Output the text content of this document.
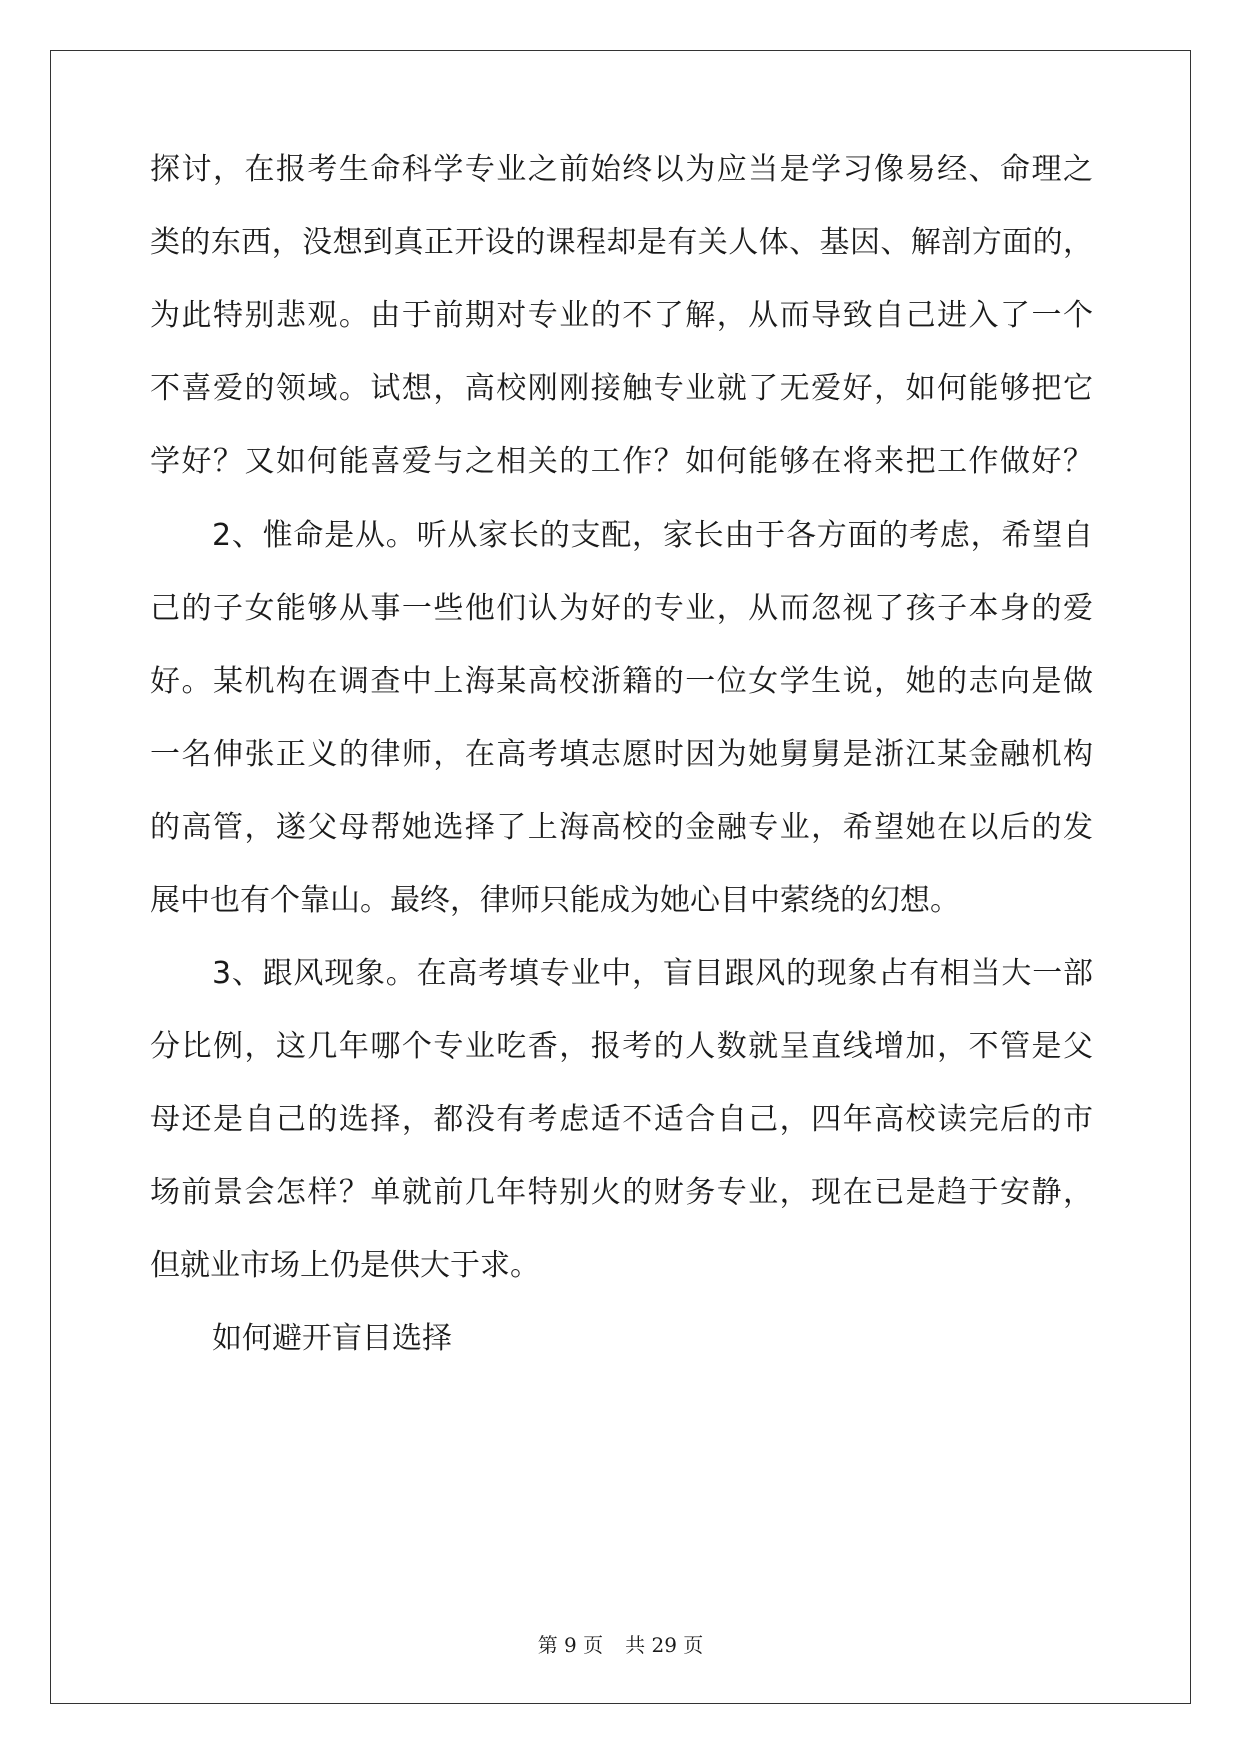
探讨，在报考生命科学专业之前始终以为应当是学习像易经、命理之
类的东西，没想到真正开设的课程却是有关人体、基因、解剖方面的，
为此特别悲观。由于前期对专业的不了解，从而导致自己进入了一个
不喜爱的领域。试想，高校刚刚接触专业就了无爱好，如何能够把它
学好？又如何能喜爱与之相关的工作？如何能够在将来把工作做好？
2、惟命是从。听从家长的支配，家长由于各方面的考虑，希望自
己的子女能够从事一些他们认为好的专业，从而忽视了孩子本身的爱
好。某机构在调查中上海某高校浙籍的一位女学生说，她的志向是做
一名伸张正义的律师，在高考填志愿时因为她舅舅是浙江某金融机构
的高管，遂父母帮她选择了上海高校的金融专业，希望她在以后的发
展中也有个靠山。最终，律师只能成为她心目中萦绕的幻想。
3、跟风现象。在高考填专业中，盲目跟风的现象占有相当大一部
分比例，这几年哪个专业吃香，报考的人数就呈直线增加，不管是父
母还是自己的选择，都没有考虑适不适合自己，四年高校读完后的市
场前景会怎样？单就前几年特别火的财务专业，现在已是趋于安静，
但就业市场上仍是供大于求。
如何避开盲目选择
第 9 页 共 29 页
